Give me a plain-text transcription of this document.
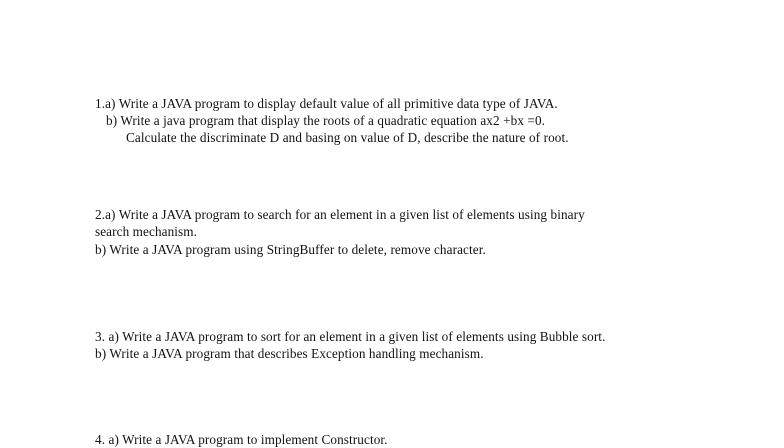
1.a) Write a JAVA program to display default value of all primitive data type of JAVA.
b) Write a java program that display the roots of a quadratic equation ax2 +bx =0.
Calculate the discriminate D and basing on value of D, describe the nature of root.
2.a) Write a JAVA program to search for an element in a given list of elements using binary
search mechanism.
b) Write a JAVA program using StringBuffer to delete, remove character.
3. a) Write a JAVA program to sort for an element in a given list of elements using Bubble sort.
b) Write a JAVA program that describes Exception handling mechanism.
4. a) Write a JAVA program to implement Constructor.
